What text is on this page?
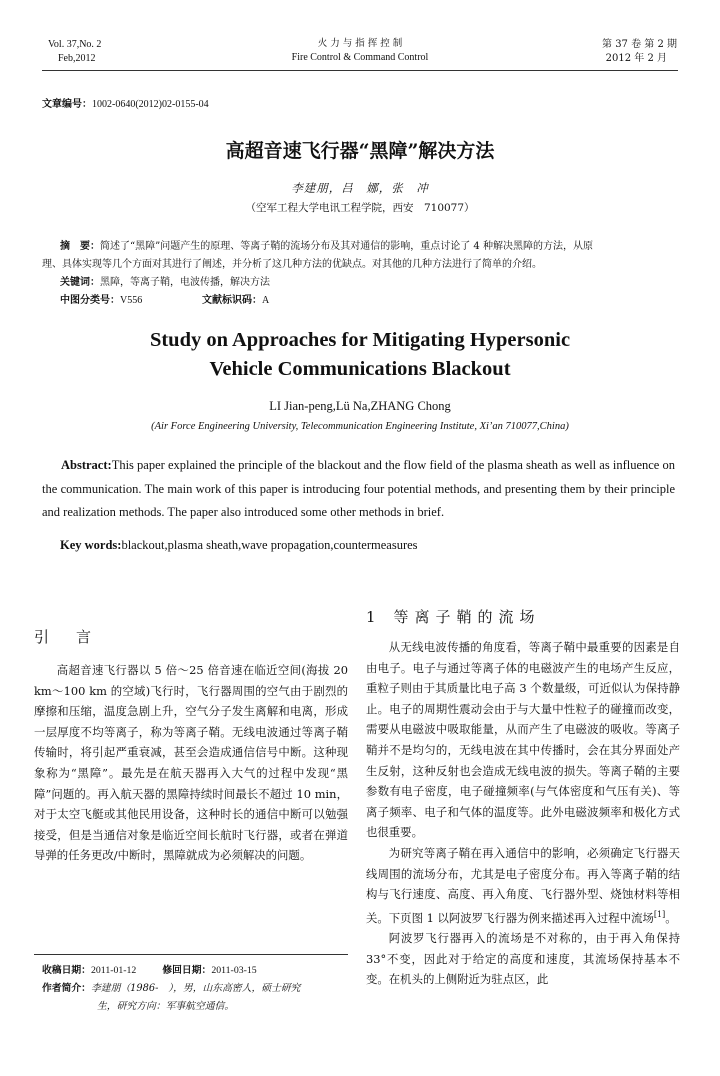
Vol. 37,No. 2
Feb,2012
火 力 与 指 挥 控 制
Fire Control & Command Control
第 37 卷 第 2 期
2012 年 2 月
文章编号：1002-0640(2012)02-0155-04
高超音速飞行器“黑障”解决方法
李建朋，吕　娜，张　冲
（空军工程大学电讯工程学院，西安　710077）
摘　要：简述了“黑障”问题产生的原理、等离子鞘的流场分布及其对通信的影响，重点讨论了 4 种解决黑障的方法，从原
理、具体实现等几个方面对其进行了阐述，并分析了这几种方法的优缺点。对其他的几种方法进行了简单的介绍。
关键词：黑障，等离子鞘，电波传播，解决方法
中图分类号：V556	文献标识码：A
Study on Approaches for Mitigating Hypersonic
Vehicle Communications Blackout
LI Jian-peng,Lü Na,ZHANG Chong
(Air Force Engineering University, Telecommunication Engineering Institute, Xi’an 710077,China)
Abstract:This paper explained the principle of the blackout and the flow field of the plasma sheath as well as influence on the communication. The main work of this paper is introducing four potential methods, and presenting them by their principle and realization methods. The paper also introduced some other methods in brief.
Key words:blackout,plasma sheath,wave propagation,countermeasures
引　言

高超音速飞行器以 5 倍～25 倍音速在临近空间(海拔 20 km～100 km 的空域)飞行时，飞行器周围的空气由于剧烈的摩擦和压缩，温度急剧上升，空气分子发生离解和电离，形成一层厚度不均等离子，称为等离子鞘。无线电波通过等离子鞘传输时，将引起严重衰减，甚至会造成通信信号中断。这种现象称为“黑障”。最先是在航天器再入大气的过程中发现“黑障”问题的。再入航天器的黑障持续时间最长不超过 10 min，对于太空飞艇或其他民用设备，这种时长的通信中断可以勉强接受，但是当通信对象是临近空间长航时飞行器，或者在弹道导弹的任务更改/中断时，黑障就成为必须解决的问题。

收稿日期：2011-01-12	修回日期：2011-03-15
作者简介：李建朋（1986-　），男，山东高密人，硕士研究
生，研究方向：军事航空通信。
1 等离子鞘的流场

从无线电波传播的角度看，等离子鞘中最重要的因素是自由电子。电子与通过等离子体的电磁波产生的电场产生反应，重粒子则由于其质量比电子高 3 个数量级，可近似认为保持静止。电子的周期性震动会由于与大量中性粒子的碰撞而改变，需要从电磁波中吸取能量，从而产生了电磁波的吸收。等离子鞘并不是均匀的，无线电波在其中传播时，会在其分界面处产生反射，这种反射也会造成无线电波的损失。等离子鞘的主要参数有电子密度，电子碰撞频率(与气体密度和气压有关)、等离子频率、电子和气体的温度等。此外电磁波频率和极化方式也很重要。

为研究等离子鞘在再入通信中的影响，必须确定飞行器天线周围的流场分布，尤其是电子密度分布。再入等离子鞘的结构与飞行速度、高度、再入角度、飞行器外型、烧蚀材料等相关。下页图 1 以阿波罗飞行器为例来描述再入过程中流场[1]。

阿波罗飞行器再入的流场是不对称的，由于再入角保持 33°不变，因此对于给定的高度和速度，其流场保持基本不变。在机头的上侧附近为驻点区，此
